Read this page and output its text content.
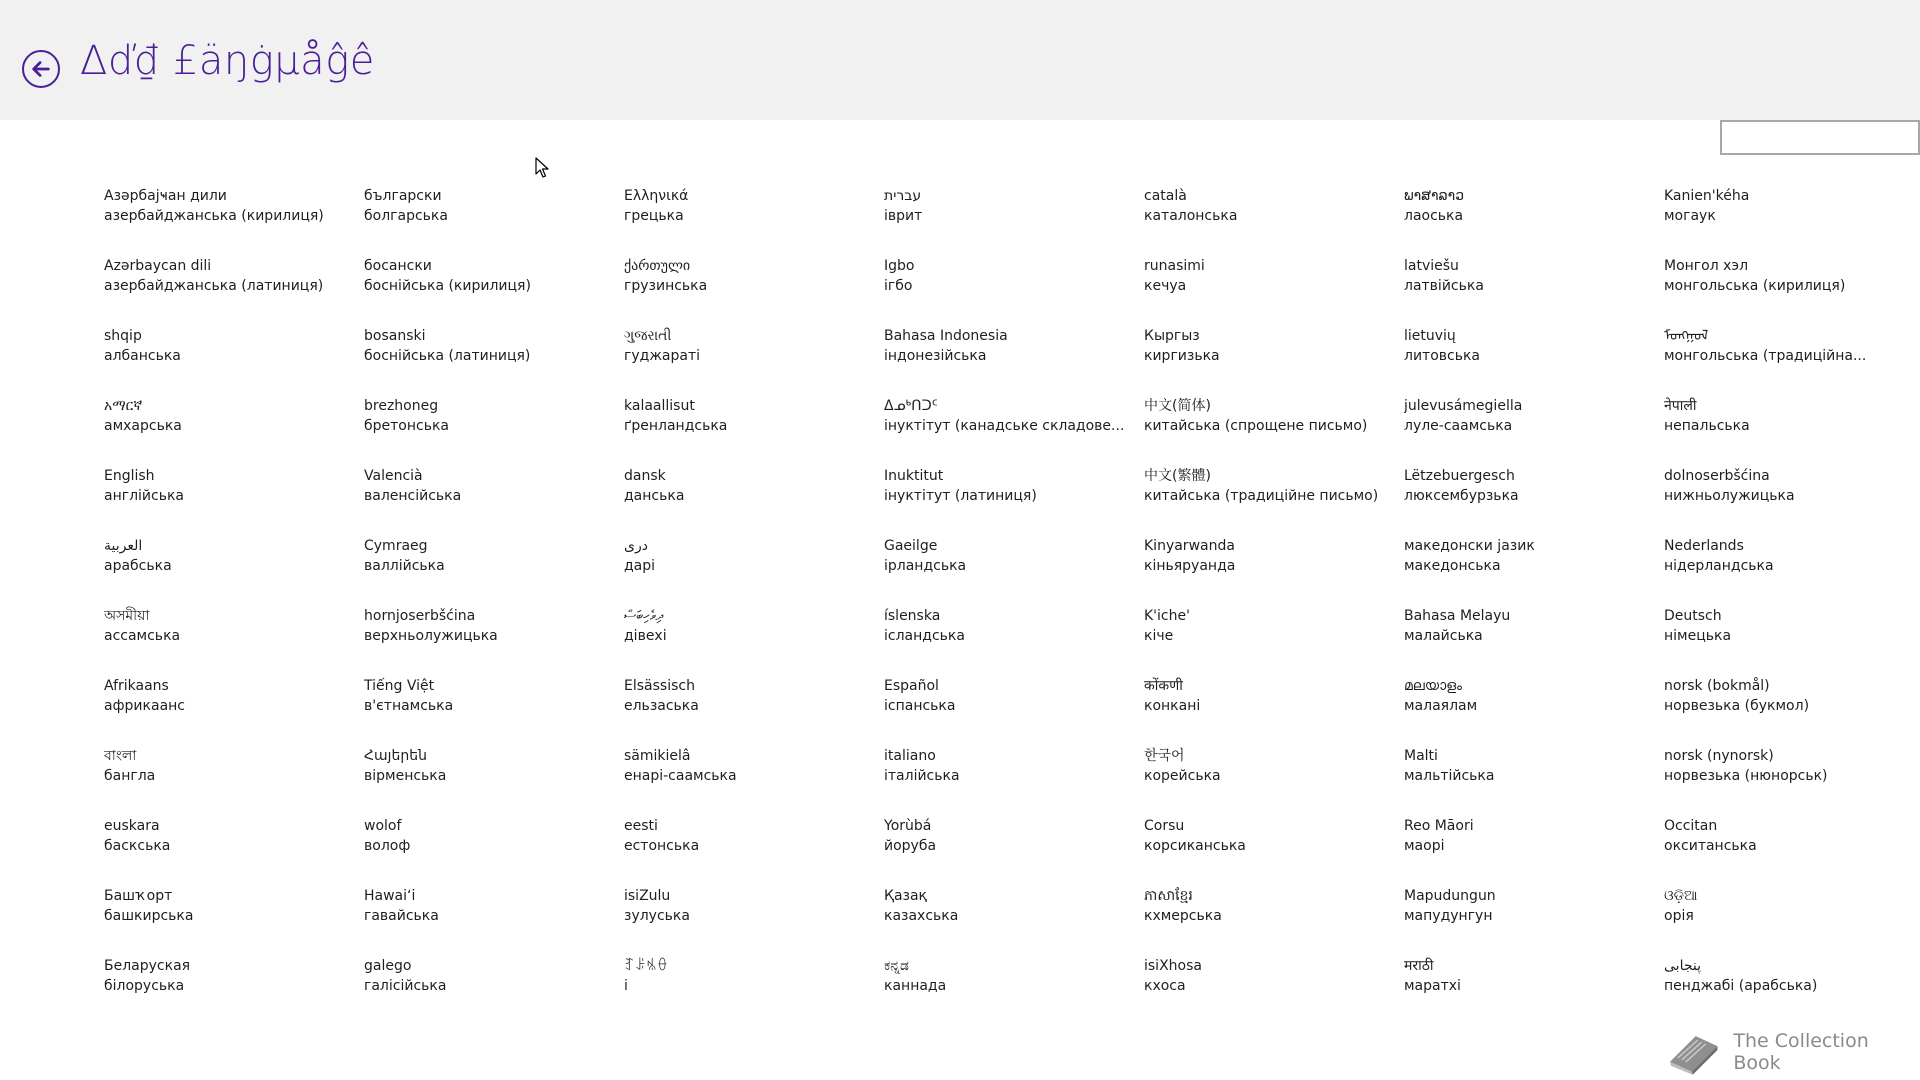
Δď₫ £äŋġμåĝê
Азәрбајҹан дили
азербайджанська (кирилиця)
Azərbaycan dili
азербайджанська (латиниця)
shqip
албанська
አማርኛ
амхарська
English
англійська
العربية
арабська
অসমীয়া
ассамська
Afrikaans
африкаанс
বাংলা
бангла
euskara
баскська
Башҡорт
башкирська
Беларуская
білоруська
български
болгарська
босански
боснійська (кирилиця)
bosanski
боснійська (латиниця)
brezhoneg
бретонська
Valencià
валенсійська
Cymraeg
валлійська
hornjoserbšćina
верхньолужицька
Tiếng Việt
в'єтнамська
Հայերեն
вірменська
wolof
волоф
Hawaiʻi
гавайська
galego
галісійська
Ελληνικά
грецька
ქართული
грузинська
ગુજરાતી
гуджараті
kalaallisut
ґренландська
dansk
данська
درى
дарі
ދިވެހިބަސް
дівехі
Elsässisch
ельзаська
sämikielâ
енарі-саамська
eesti
естонська
isiZulu
зулуська
ꆈꌠꁱꂷ
і
עברית
іврит
Igbo
ігбо
Bahasa Indonesia
індонезійська
ᐃᓄᒃᑎᑐᑦ
інуктітут (канадське складове...
Inuktitut
інуктітут (латиниця)
Gaeilge
ірландська
íslenska
ісландська
Español
іспанська
italiano
італійська
Yorùbá
йоруба
Қазақ
казахська
ಕನ್ನಡ
каннада
català
каталонська
runasimi
кечуа
Кыргыз
киргизька
中文(简体)
китайська (спрощене письмо)
中文(繁體)
китайська (традиційне письмо)
Kinyarwanda
кіньяруанда
K'iche'
кіче
कोंकणी
конкані
한국어
корейська
Corsu
корсиканська
ភាសាខ្មែរ
кхмерська
isiXhosa
кхоса
ພາສາລາວ
лаоська
latviešu
латвійська
lietuvių
литовська
julevusámegiella
луле-саамська
Lëtzebuergesch
люксембурзька
македонски јазик
македонська
Bahasa Melayu
малайська
മലയാളം
малаялам
Malti
мальтійська
Reo Māori
маорі
Mapudungun
мапудунгун
मराठी
маратхі
Kanien'kéha
могаук
Монгол хэл
монгольська (кирилиця)
ᠮᠣᠩᠭᠣᠯ
монгольська (традиційна...
नेपाली
непальська
dolnoserbšćina
нижньолужицька
Nederlands
нідерландська
Deutsch
німецька
norsk (bokmål)
норвезька (букмол)
norsk (nynorsk)
норвезька (нюнорськ)
Occitan
окситанська
ଓଡ଼ିଆ
орія
پنجابی
пенджабі (арабська)
The Collection Book
